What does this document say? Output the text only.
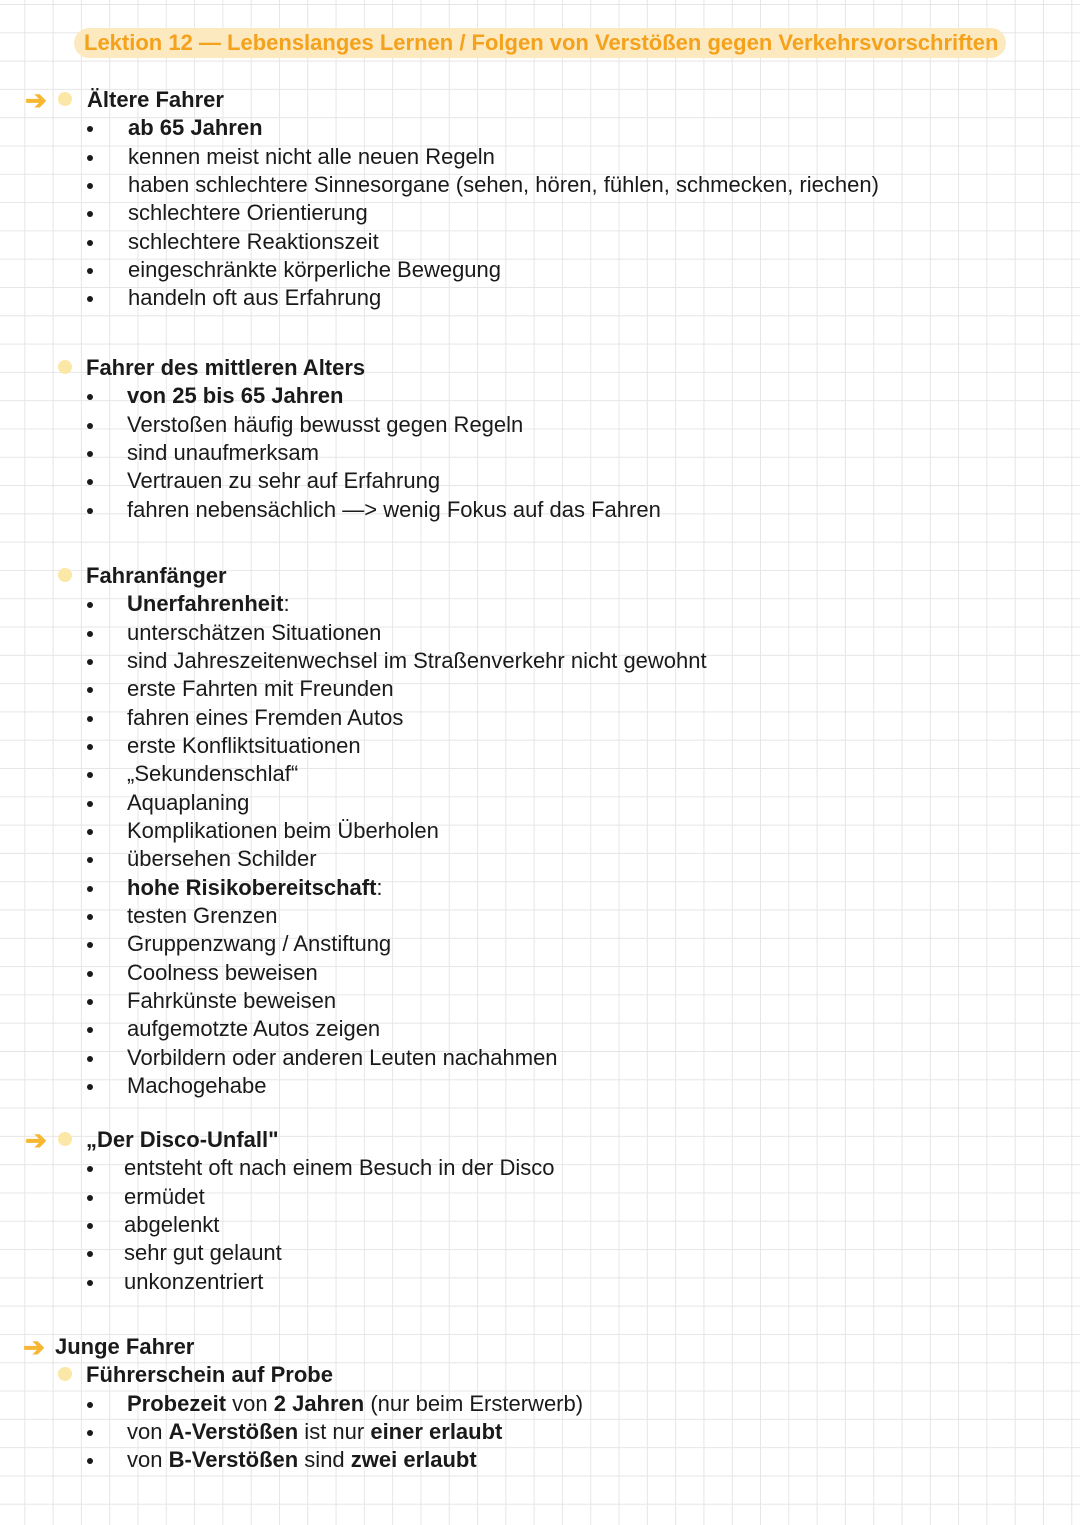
Lektion 12 — Lebenslanges Lernen / Folgen von Verstößen gegen Verkehrsvorschriften
➔ Ältere Fahrer
ab 65 Jahren
kennen meist nicht alle neuen Regeln
haben schlechtere Sinnesorgane (sehen, hören, fühlen, schmecken, riechen)
schlechtere Orientierung
schlechtere Reaktionszeit
eingeschränkte körperliche Bewegung
handeln oft aus Erfahrung
Fahrer des mittleren Alters
von 25 bis 65 Jahren
Verstoßen häufig bewusst gegen Regeln
sind unaufmerksam
Vertrauen zu sehr auf Erfahrung
fahren nebensächlich —> wenig Fokus auf das Fahren
Fahranfänger
Unerfahrenheit:
unterschätzen Situationen
sind Jahreszeitenwechsel im Straßenverkehr nicht gewohnt
erste Fahrten mit Freunden
fahren eines Fremden Autos
erste Konfliktsituationen
„Sekundenschlaf“
Aquaplaning
Komplikationen beim Überholen
übersehen Schilder
hohe Risikobereitschaft:
testen Grenzen
Gruppenzwang / Anstiftung
Coolness beweisen
Fahrkünste beweisen
aufgemotzte Autos zeigen
Vorbildern oder anderen Leuten nachahmen
Machogehabe
➔ „Der Disco-Unfall"
entsteht oft nach einem Besuch in der Disco
ermüdet
abgelenkt
sehr gut gelaunt
unkonzentriert
➔ Junge Fahrer
Führerschein auf Probe
Probezeit von 2 Jahren (nur beim Ersterwerb)
von A-Verstößen ist nur einer erlaubt
von B-Verstößen sind zwei erlaubt
